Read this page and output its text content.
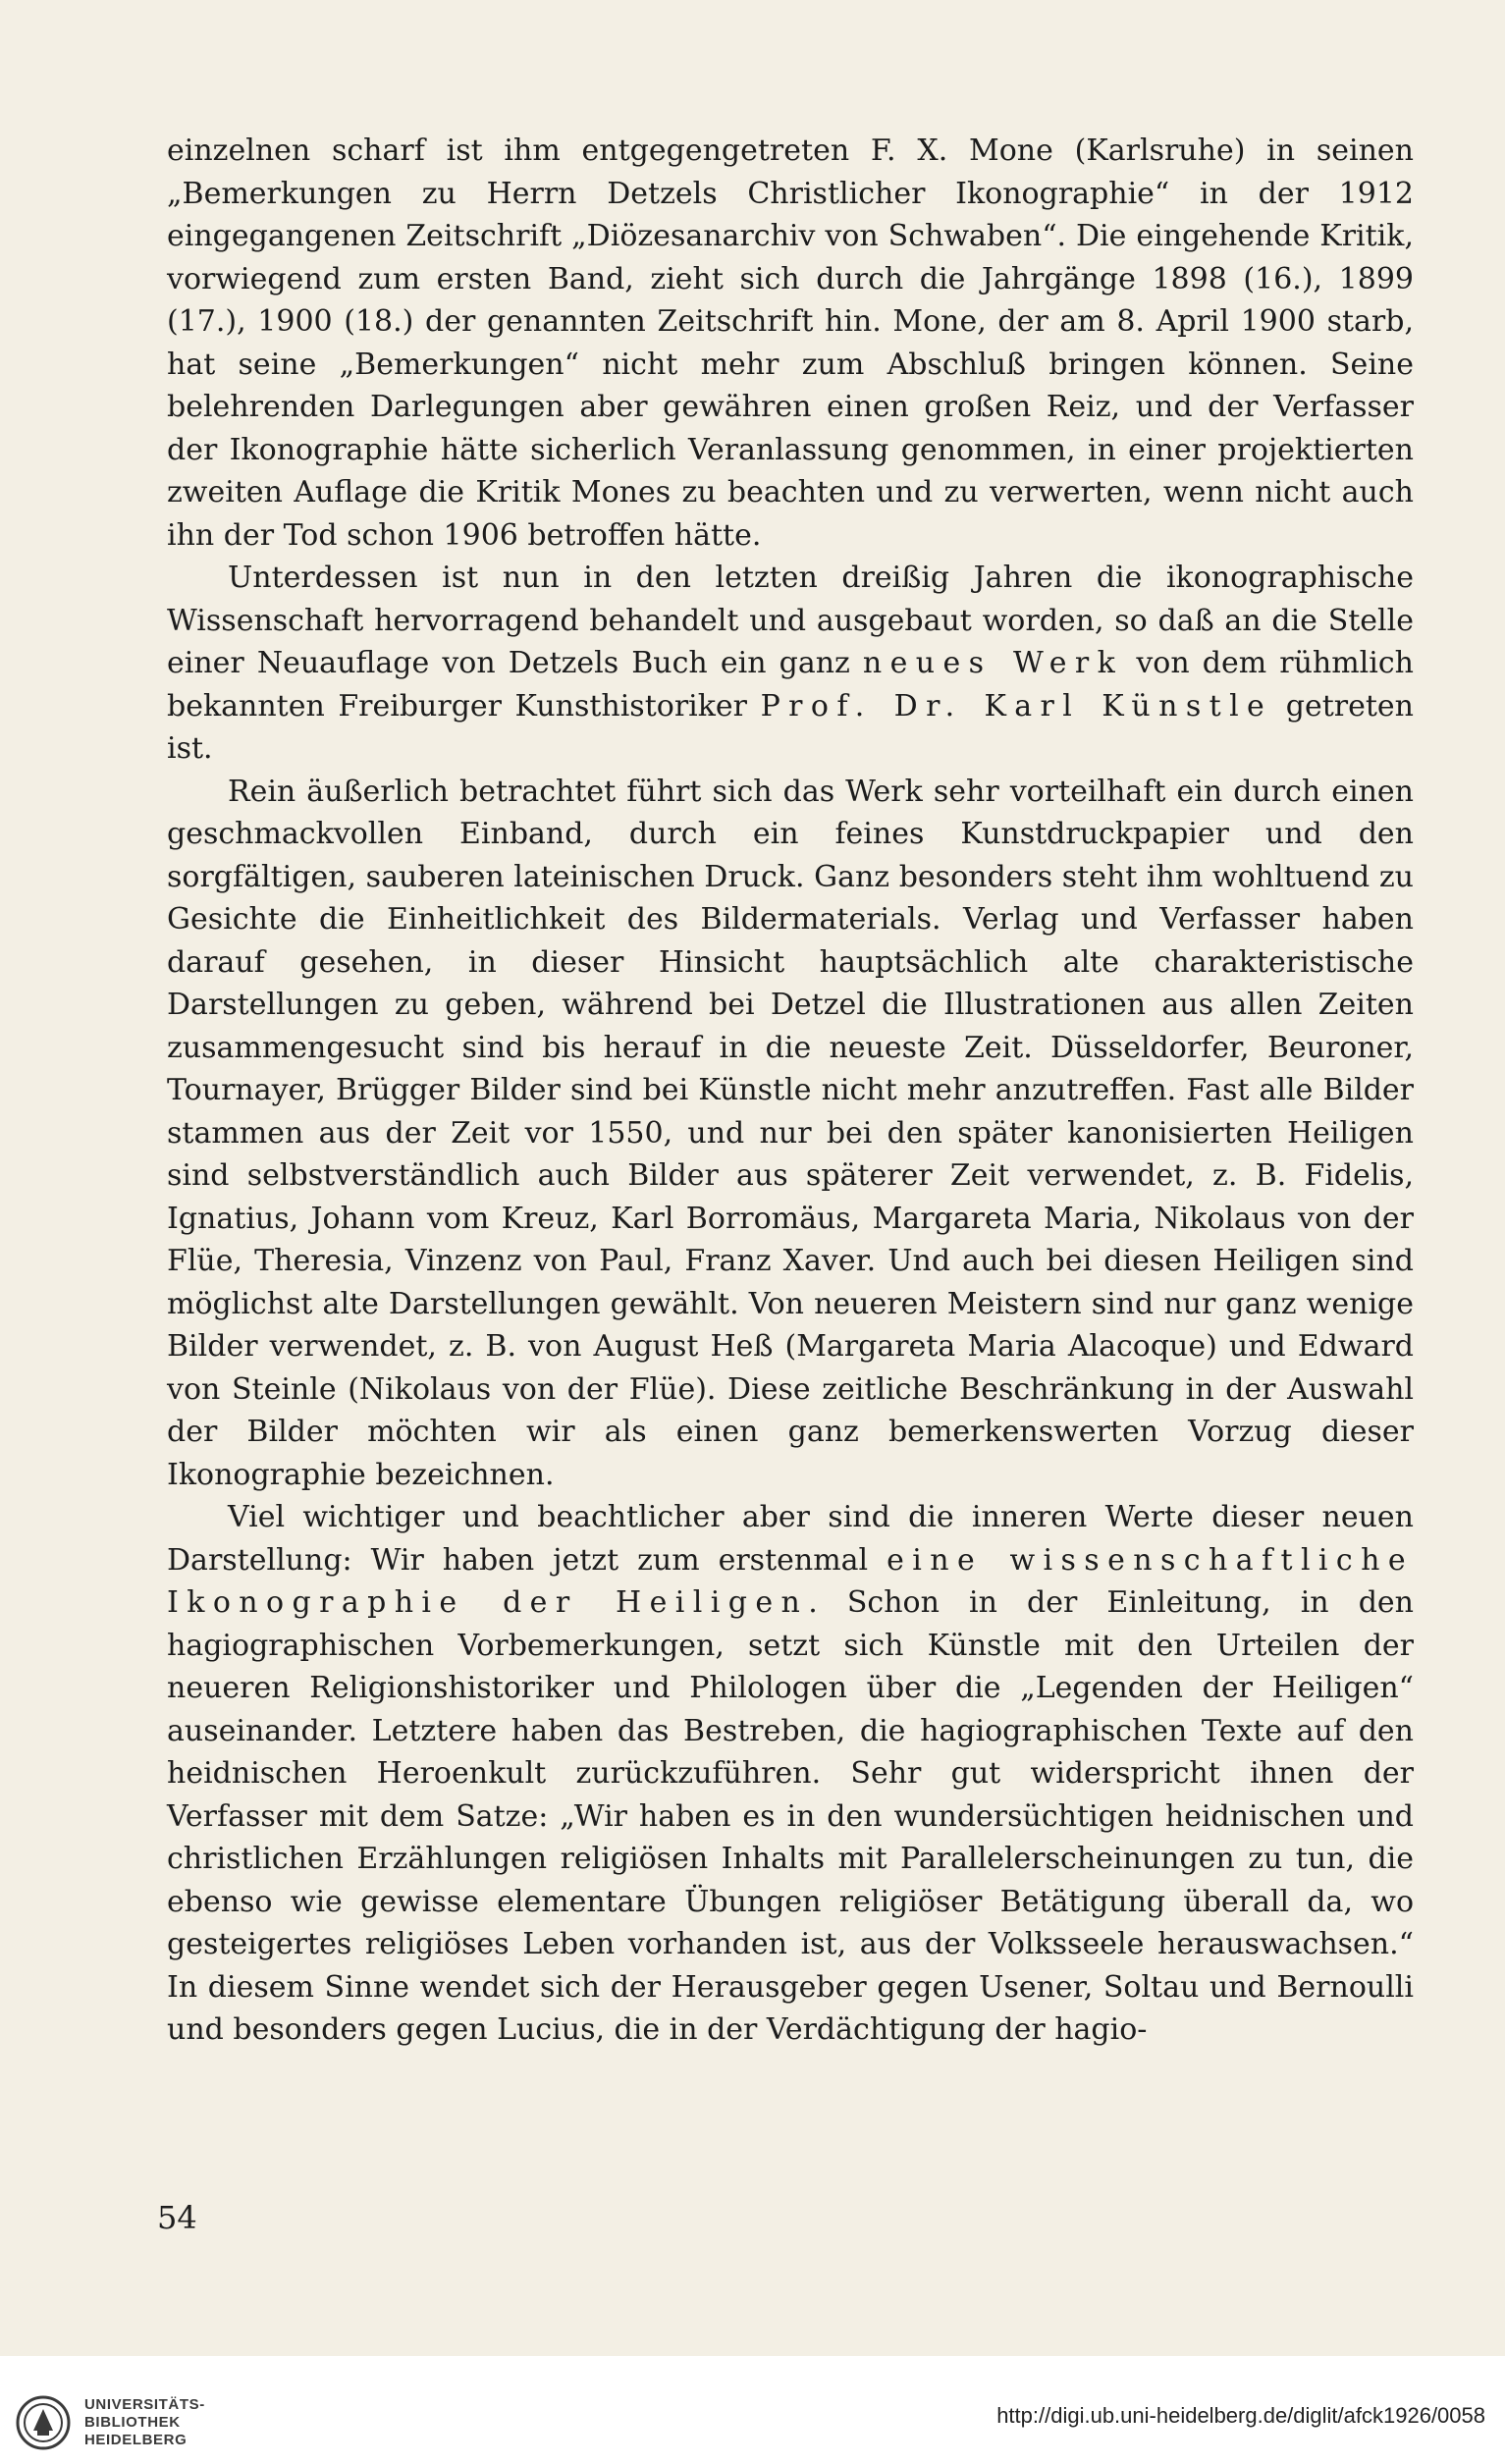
einzelnen scharf ist ihm entgegengetreten F. X. Mone (Karlsruhe) in seinen „Bemerkungen zu Herrn Detzels Christlicher Ikonographie“ in der 1912 eingegangenen Zeitschrift „Diözesanarchiv von Schwaben“. Die eingehende Kritik, vorwiegend zum ersten Band, zieht sich durch die Jahrgänge 1898 (16.), 1899 (17.), 1900 (18.) der genannten Zeitschrift hin. Mone, der am 8. April 1900 starb, hat seine „Bemerkungen“ nicht mehr zum Abschluß bringen können. Seine belehrenden Darlegungen aber gewähren einen großen Reiz, und der Verfasser der Ikonographie hätte sicherlich Veranlassung genommen, in einer projektierten zweiten Auflage die Kritik Mones zu beachten und zu verwerten, wenn nicht auch ihn der Tod schon 1906 betroffen hätte.

Unterdessen ist nun in den letzten dreißig Jahren die ikonographische Wissenschaft hervorragend behandelt und ausgebaut worden, so daß an die Stelle einer Neuauflage von Detzels Buch ein ganz neues Werk von dem rühmlich bekannten Freiburger Kunsthistoriker Prof. Dr. Karl Künstle getreten ist.

Rein äußerlich betrachtet führt sich das Werk sehr vorteilhaft ein durch einen geschmackvollen Einband, durch ein feines Kunstdruckpapier und den sorgfältigen, sauberen lateinischen Druck. Ganz besonders steht ihm wohltuend zu Gesichte die Einheitlichkeit des Bildermaterials. Verlag und Verfasser haben darauf gesehen, in dieser Hinsicht hauptsächlich alte charakteristische Darstellungen zu geben, während bei Detzel die Illustrationen aus allen Zeiten zusammengesucht sind bis herauf in die neueste Zeit. Düsseldorfer, Beuroner, Tournayer, Brügger Bilder sind bei Künstle nicht mehr anzutreffen. Fast alle Bilder stammen aus der Zeit vor 1550, und nur bei den später kanonisierten Heiligen sind selbstverständlich auch Bilder aus späterer Zeit verwendet, z. B. Fidelis, Ignatius, Johann vom Kreuz, Karl Borromäus, Margareta Maria, Nikolaus von der Flüe, Theresia, Vinzenz von Paul, Franz Xaver. Und auch bei diesen Heiligen sind möglichst alte Darstellungen gewählt. Von neueren Meistern sind nur ganz wenige Bilder verwendet, z. B. von August Heß (Margareta Maria Alacoque) und Edward von Steinle (Nikolaus von der Flüe). Diese zeitliche Beschränkung in der Auswahl der Bilder möchten wir als einen ganz bemerkenswerten Vorzug dieser Ikonographie bezeichnen.

Viel wichtiger und beachtlicher aber sind die inneren Werte dieser neuen Darstellung: Wir haben jetzt zum erstenmal eine wissenschaftliche Ikonographie der Heiligen. Schon in der Einleitung, in den hagiographischen Vorbemerkungen, setzt sich Künstle mit den Urteilen der neueren Religionshistoriker und Philologen über die „Legenden der Heiligen“ auseinander. Letztere haben das Bestreben, die hagiographischen Texte auf den heidnischen Heroenkult zurückzuführen. Sehr gut widerspricht ihnen der Verfasser mit dem Satze: „Wir haben es in den wundersüchtigen heidnischen und christlichen Erzählungen religiösen Inhalts mit Parallelerscheinungen zu tun, die ebenso wie gewisse elementare Übungen religiöser Betätigung überall da, wo gesteigertes religiöses Leben vorhanden ist, aus der Volksseele herauswachsen.“ In diesem Sinne wendet sich der Herausgeber gegen Usener, Soltau und Bernoulli und besonders gegen Lucius, die in der Verdächtigung der hagio-

54
UNIVERSITÄTS-
BIBLIOTHEK
HEIDELBERG
http://digi.ub.uni-heidelberg.de/diglit/afck1926/0058
